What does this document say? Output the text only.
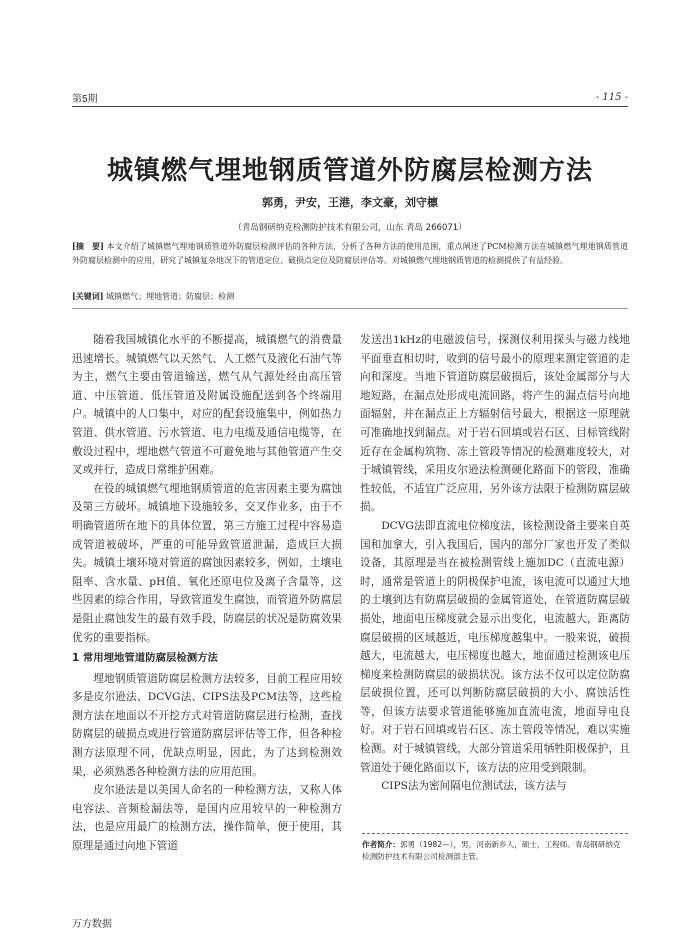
第5期	- 115 -
城镇燃气埋地钢质管道外防腐层检测方法
郭勇，尹安，王港，李文豪，刘守檩
（青岛钢研纳克检测防护技术有限公司，山东 青岛 266071）
[摘　要] 本文介绍了城镇燃气埋地钢质管道外防腐层检测评估的各种方法，分析了各种方法的使用范围，重点阐述了PCM检测方法在城镇燃气埋地钢质管道外防腐层检测中的应用，研究了城镇复杂地况下的管道定位、破损点定位及防腐层评估等。对城镇燃气埋地钢质管道的检测提供了有益经验。
[关键词] 城镇燃气；埋地管道；防腐层；检测

随着我国城镇化水平的不断提高，城镇燃气的消费量迅速增长。城镇燃气以天然气、人工燃气及液化石油气等为主，燃气主要由管道输送，燃气从气源处经由高压管道、中压管道、低压管道及附属设施配送到各个终端用户。城镇中的人口集中，对应的配套设施集中，例如热力管道、供水管道、污水管道、电力电缆及通信电缆等，在敷设过程中，埋地燃气管道不可避免地与其他管道产生交叉或并行，造成日常维护困难。

在役的城镇燃气埋地钢质管道的危害因素主要为腐蚀及第三方破坏。城镇地下设施较多，交叉作业多，由于不明确管道所在地下的具体位置，第三方施工过程中容易造成管道被破坏，严重的可能导致管道泄漏，造成巨大损失。城镇土壤环境对管道的腐蚀因素较多，例如，土壤电阻率、含水量、pH值、氧化还原电位及离子含量等，这些因素的综合作用，导致管道发生腐蚀，而管道外防腐层是阻止腐蚀发生的最有效手段，防腐层的状况是防腐效果优劣的重要指标。

1 常用埋地管道防腐层检测方法

埋地钢质管道防腐层检测方法较多，目前工程应用较多是皮尔逊法、DCVG法、CIPS法及PCM法等，这些检测方法在地面以不开挖方式对管道防腐层进行检测，查找防腐层的破损点或进行管道防腐层评估等工作，但各种检测方法原理不同，优缺点明显，因此，为了达到检测效果，必须熟悉各种检测方法的应用范围。

皮尔逊法是以美国人命名的一种检测方法，又称人体电容法、音频检漏法等，是国内应用较早的一种检测方法，也是应用最广的检测方法，操作简单，便于使用，其原理是通过向地下管道

发送出1kHz的电磁波信号，探测仪利用探头与磁力线地平面垂直相切时，收到的信号最小的原理来测定管道的走向和深度。当地下管道防腐层破损后，该处金属部分与大地短路，在漏点处形成电流回路，将产生的漏点信号向地面辐射，并在漏点正上方辐射信号最大，根据这一原理就可准确地找到漏点。对于岩石回填或岩石区、目标管线附近存在金属构筑物、冻土管段等情况的检测难度较大，对于城镇管线，采用皮尔逊法检测硬化路面下的管段，准确性较低，不适宜广泛应用，另外该方法限于检测防腐层破损。

DCVG法即直流电位梯度法，该检测设备主要来自英国和加拿大，引入我国后，国内的部分厂家也开发了类似设备，其原理是当在被检测管线上施加DC（直流电源）时，通常是管道上的阴极保护电流，该电流可以通过大地的土壤到达有防腐层破损的金属管道处，在管道防腐层破损处，地面电压梯度就会显示出变化，电流越大，距离防腐层破损的区域越近，电压梯度越集中。一般来说，破损越大，电流越大，电压梯度也越大，地面通过检测该电压梯度来检测防腐层的破损状况。该方法不仅可以定位防腐层破损位置，还可以判断防腐层破损的大小、腐蚀活性等，但该方法要求管道能够施加直流电流，地面导电良好。对于岩石回填或岩石区、冻土管段等情况，难以实施检测。对于城镇管线，大部分管道采用牺牲阳极保护，且管道处于硬化路面以下，该方法的应用受到限制。

CIPS法为密间隔电位测试法，该方法与

作者简介：郭勇（1982—），男，河南新乡人，硕士，工程师。青岛钢研纳克检测防护技术有限公司检测部主管。
万方数据
